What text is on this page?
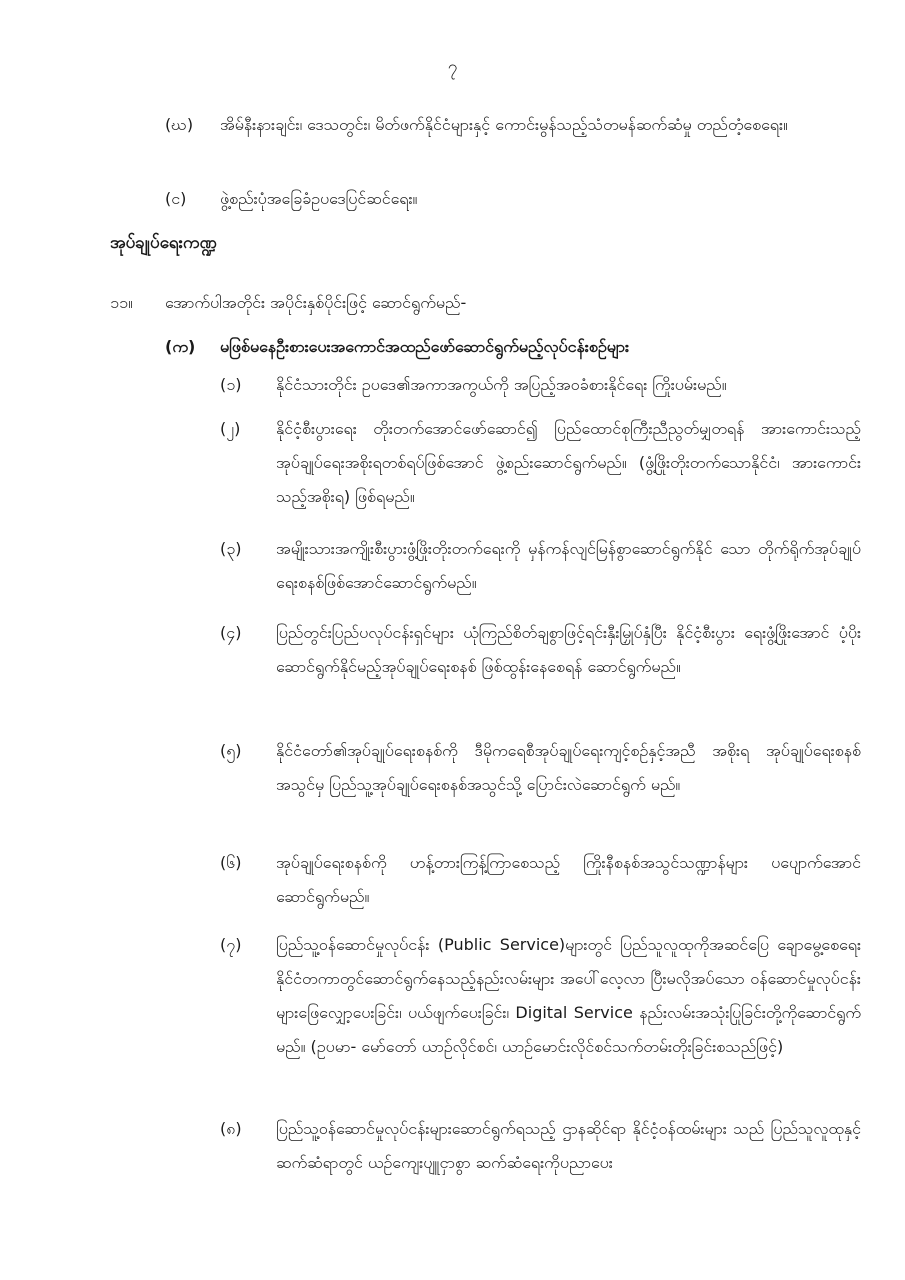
၇
(ဃ) အိမ်နီးနားချင်း၊ ဒေသတွင်း၊ မိတ်ဖက်နိုင်ငံများနှင့် ကောင်းမွန်သည့်သံတမန်ဆက်ဆံမှု တည်တံ့စေရေး။
(င) ဖွဲ့စည်းပုံအခြေခံဥပဒေပြင်ဆင်ရေး။
အုပ်ချုပ်ရေးကဏ္ဍ
၁၁။ အောက်ပါအတိုင်း အပိုင်းနှစ်ပိုင်းဖြင့် ဆောင်ရွက်မည်-
(က) မဖြစ်မနေဦးစားပေးအကောင်အထည်ဖော်ဆောင်ရွက်မည့်လုပ်ငန်းစဉ်များ
(၁) နိုင်ငံသားတိုင်း ဥပဒေ၏အကာအကွယ်ကို အပြည့်အဝခံစားနိုင်ရေး ကြိုးပမ်းမည်။
(၂) နိုင်ငံ့စီးပွားရေး တိုးတက်အောင်ဖော်ဆောင်၍ ပြည်ထောင်စုကြီးညီညွတ်မျှတရန် အားကောင်းသည့် အုပ်ချုပ်ရေးအစိုးရတစ်ရပ်ဖြစ်အောင် ဖွဲ့စည်းဆောင်ရွက်မည်။ (ဖွံ့ဖြိုးတိုးတက်သောနိုင်ငံ၊ အားကောင်းသည့်အစိုးရ) ဖြစ်ရမည်။
(၃) အမျိုးသားအကျိုးစီးပွားဖွံ့ဖြိုးတိုးတက်ရေးကို မှန်ကန်လျင်မြန်စွာဆောင်ရွက်နိုင် သော တိုက်ရိုက်အုပ်ချုပ်ရေးစနစ်ဖြစ်အောင်ဆောင်ရွက်မည်။
(၄) ပြည်တွင်းပြည်ပလုပ်ငန်းရှင်များ ယုံကြည်စိတ်ချစွာဖြင့်ရင်းနှီးမြှုပ်နှံပြီး နိုင်ငံ့စီးပွား ရေးဖွံ့ဖြိုးအောင် ပံ့ပိုးဆောင်ရွက်နိုင်မည့်အုပ်ချုပ်ရေးစနစ် ဖြစ်ထွန်းနေစေရန် ဆောင်ရွက်မည်။
(၅) နိုင်ငံတော်၏အုပ်ချုပ်ရေးစနစ်ကို ဒီမိုကရေစီအုပ်ချုပ်ရေးကျင့်စဉ်နှင့်အညီ အစိုးရ အုပ်ချုပ်ရေးစနစ်အသွင်မှ ပြည်သူ့အုပ်ချုပ်ရေးစနစ်အသွင်သို့ ပြောင်းလဲဆောင်ရွက် မည်။
(၆) အုပ်ချုပ်ရေးစနစ်ကို ဟန့်တားကြန့်ကြာစေသည့် ကြိုးနီစနစ်အသွင်သဏ္ဍာန်များ ပပျောက်အောင်ဆောင်ရွက်မည်။
(၇) ပြည်သူ့ဝန်ဆောင်မှုလုပ်ငန်း (Public Service)များတွင် ပြည်သူလူထုကိုအဆင်ပြေ ချောမွေ့စေရေး နိုင်ငံတကာတွင်ဆောင်ရွက်နေသည့်နည်းလမ်းများ အပေါ်လေ့လာ ပြီးမလိုအပ်သော ဝန်ဆောင်မှုလုပ်ငန်းများဖြေလျှော့ပေးခြင်း၊ ပယ်ဖျက်ပေးခြင်း၊ Digital Service နည်းလမ်းအသုံးပြုခြင်းတို့ကိုဆောင်ရွက်မည်။ (ဥပမာ- မော်တော် ယာဉ်လိုင်စင်၊ ယာဉ်မောင်းလိုင်စင်သက်တမ်းတိုးခြင်းစသည်ဖြင့်)
(၈) ပြည်သူ့ဝန်ဆောင်မှုလုပ်ငန်းများဆောင်ရွက်ရသည့် ဌာနဆိုင်ရာ နိုင်ငံ့ဝန်ထမ်းများ သည် ပြည်သူလူထုနှင့်ဆက်ဆံရာတွင် ယဉ်ကျေးပျူငှာစွာ ဆက်ဆံရေးကိုပညာပေး
